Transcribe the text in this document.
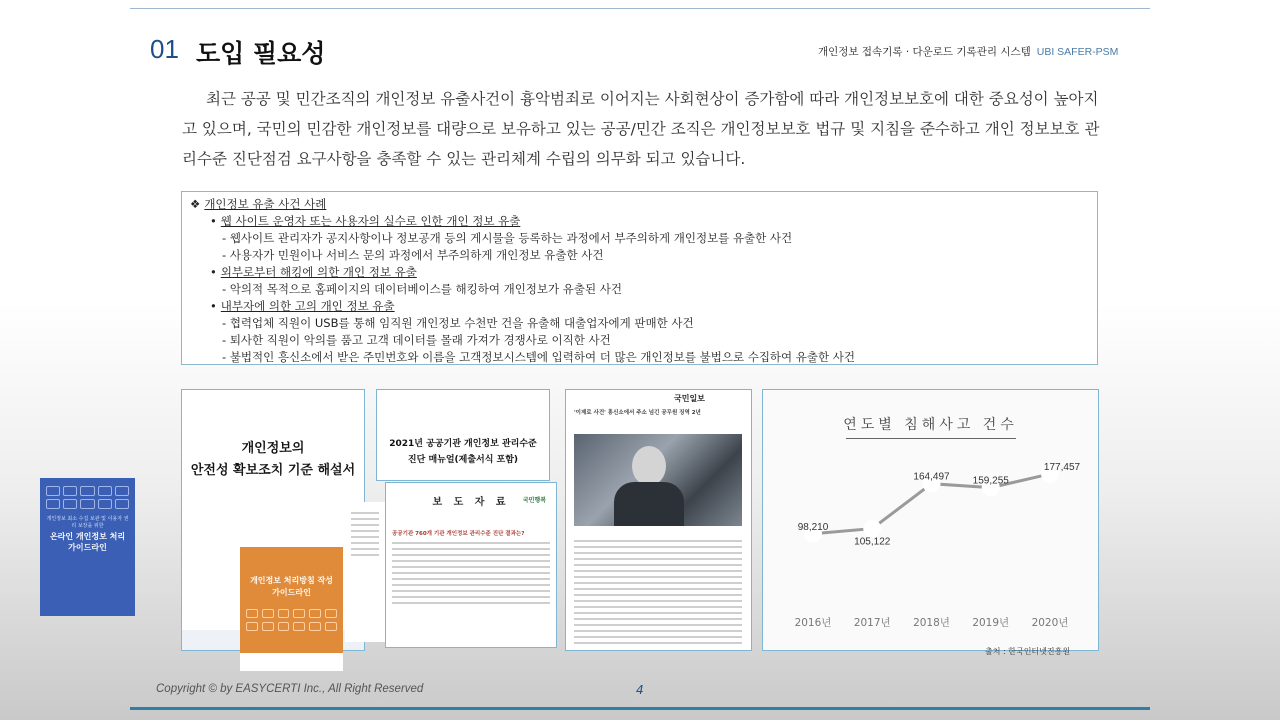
01 도입 필요성	개인정보 접속기록 · 다운로드 기록관리 시스템 UBI SAFER-PSM

최근 공공 및 민간조직의 개인정보 유출사건이 흉악범죄로 이어지는 사회현상이 증가함에 따라 개인정보보호에 대한 중요성이 높아지고 있으며, 국민의 민감한 개인정보를 대량으로 보유하고 있는 공공/민간 조직은 개인정보보호 법규 및 지침을 준수하고 개인 정보보호 관리수준 진단점검 요구사항을 충족할 수 있는 관리체계 수립의 의무화 되고 있습니다.

❖ 개인정보 유출 사건 사례
• 웹 사이트 운영자 또는 사용자의 실수로 인한 개인 정보 유출
- 웹사이트 관리자가 공지사항이나 정보공개 등의 게시물을 등록하는 과정에서 부주의하게 개인정보를 유출한 사건
- 사용자가 민원이나 서비스 문의 과정에서 부주의하게 개인정보 유출한 사건
• 외부로부터 해킹에 의한 개인 정보 유출
- 악의적 목적으로 홈페이지의 데이터베이스를 해킹하여 개인정보가 유출된 사건
• 내부자에 의한 고의 개인 정보 유출
- 협력업체 직원이 USB를 통해 임직원 개인정보 수천만 건을 유출해 대출업자에게 판매한 사건
- 퇴사한 직원이 악의를 품고 고객 데이터를 몰래 가져가 경쟁사로 이직한 사건
- 불법적인 흥신소에서 받은 주민번호와 이름을 고객정보시스템에 입력하여 더 많은 개인정보를 불법으로 수집하여 유출한 사건
개인정보의
안전성 확보조치 기준 해설서
개인정보 최소 수집 보관 및 이용자 권리 보장을 위한
온라인 개인정보 처리 가이드라인
개인정보 처리방침 작성
가이드라인
2021년 공공기관 개인정보 관리수준
진단 매뉴얼(제출서식 포함)
보 도 자 료	국민행복
공공기관 760개 기관 개인정보 관리수준 진단 결과는?
국민일보
'이제로 사건' 흥신소에서 주소 넘긴 공무원 징역 2년
연도별 침해사고 건수
98,210
2016년
105,122
2017년
164,497
2018년
159,255
2019년
177,457
2020년
출처 : 한국인터넷진흥원
Copyright © by EASYCERTI Inc., All Right Reserved	4
